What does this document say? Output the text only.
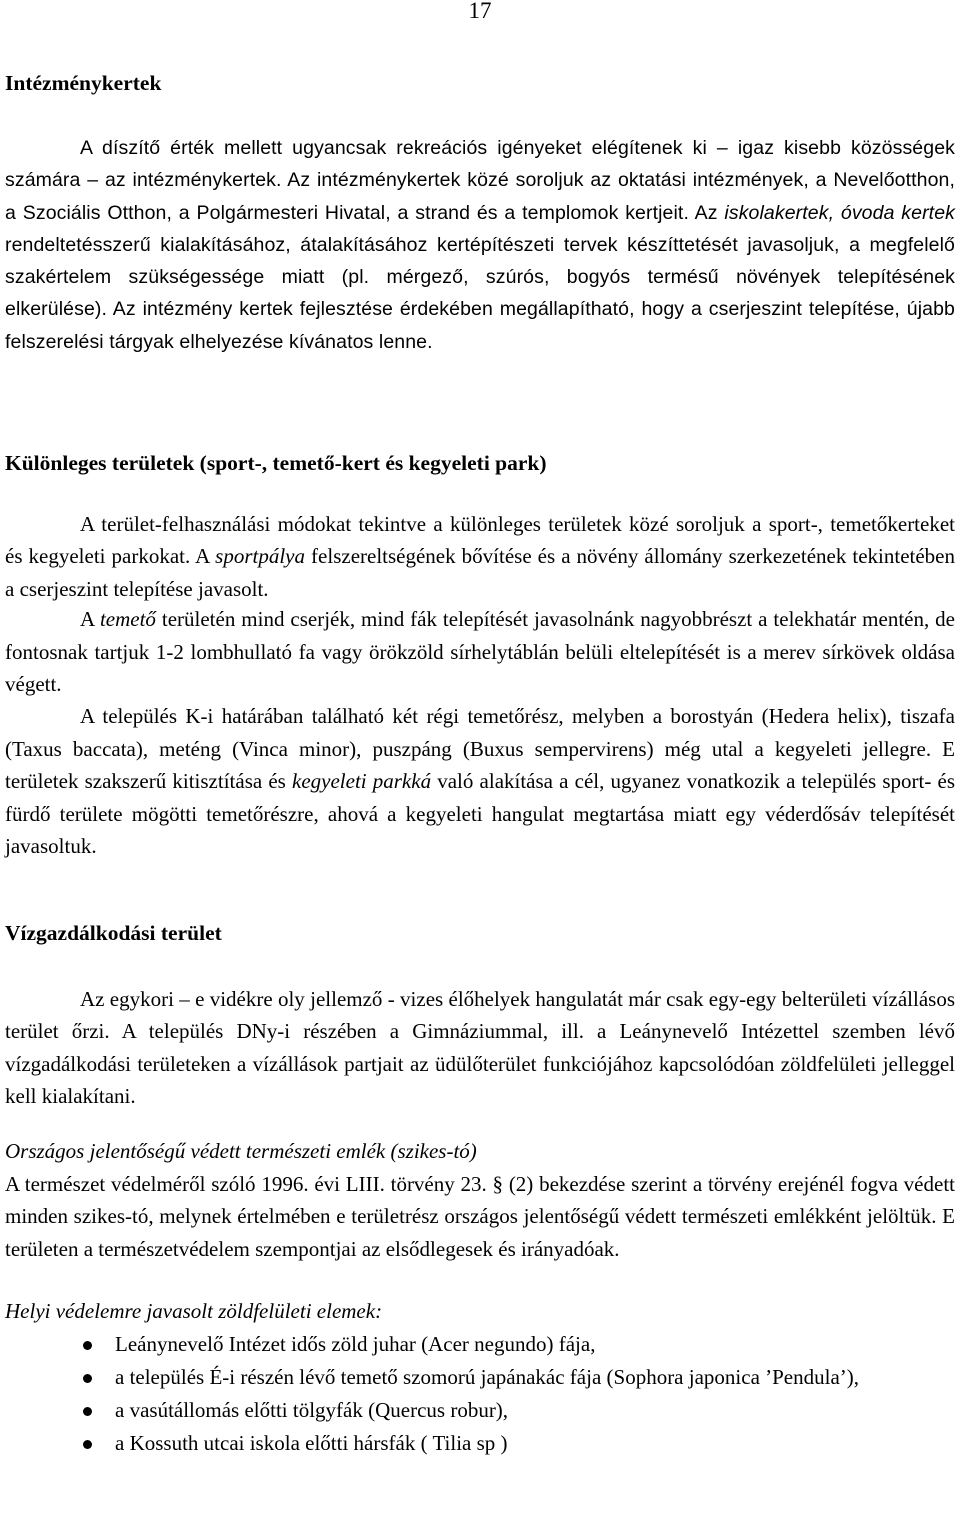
17
Intézménykertek
A díszítő érték mellett ugyancsak rekreációs igényeket elégítenek ki – igaz kisebb közösségek számára – az intézménykertek. Az intézménykertek közé soroljuk az oktatási intézmények, a Nevelőotthon, a Szociális Otthon, a Polgármesteri Hivatal, a strand és a templomok kertjeit. Az iskolakertek, óvoda kertek rendeltetésszerű kialakításához, átalakításához kertépítészeti tervek készíttetését javasoljuk, a megfelelő szakértelem szükségessége miatt (pl. mérgező, szúrós, bogyós termésű növények telepítésének elkerülése). Az intézmény kertek fejlesztése érdekében megállapítható, hogy a cserjeszint telepítése, újabb felszerelési tárgyak elhelyezése kívánatos lenne.
Különleges területek (sport-, temető-kert és kegyeleti park)
A terület-felhasználási módokat tekintve a különleges területek közé soroljuk a sport-, temetőkerteket és kegyeleti parkokat. A sportpálya felszereltségének bővítése és a növény állomány szerkezetének tekintetében a cserjeszint telepítése javasolt.
A temető területén mind cserjék, mind fák telepítését javasolnánk nagyobbrészt a telekhatár mentén, de fontosnak tartjuk 1-2 lombhullató fa vagy örökzöld sírhelytáblán belüli eltelepítését is a merev sírkövek oldása végett.
A település K-i határában található két régi temetőrész, melyben a borostyán (Hedera helix), tiszafa (Taxus baccata), meténg (Vinca minor), puszpáng (Buxus sempervirens) még utal a kegyeleti jellegre. E területek szakszerű kitisztítása és kegyeleti parkká való alakítása a cél, ugyanez vonatkozik a település sport- és fürdő területe mögötti temetőrészre, ahová a kegyeleti hangulat megtartása miatt egy véderdősáv telepítését javasoltuk.
Vízgazdálkodási terület
Az egykori – e vidékre oly jellemző - vizes élőhelyek hangulatát már csak egy-egy belterületi vízállásos terület őrzi. A település DNy-i részében a Gimnáziummal, ill. a Leánynevelő Intézettel szemben lévő vízgadálkodási területeken a vízállások partjait az üdülőterület funkciójához kapcsolódóan zöldfelületi jelleggel kell kialakítani.
Országos jelentőségű védett természeti emlék (szikes-tó)
A természet védelméről szóló 1996. évi LIII. törvény 23. § (2) bekezdése szerint a törvény erejénél fogva védett minden szikes-tó, melynek értelmében e területrész országos jelentőségű védett természeti emlékként jelöltük. E területen a természetvédelem szempontjai az elsődlegesek és irányadóak.
Helyi védelemre javasolt zöldfelületi elemek:
Leánynevelő Intézet idős zöld juhar (Acer negundo) fája,
a település É-i részén lévő temető szomorú japánakác fája (Sophora japonica ’Pendula’),
a vasútállomás előtti tölgyfák (Quercus robur),
a Kossuth utcai iskola előtti hársfák ( Tilia sp )
